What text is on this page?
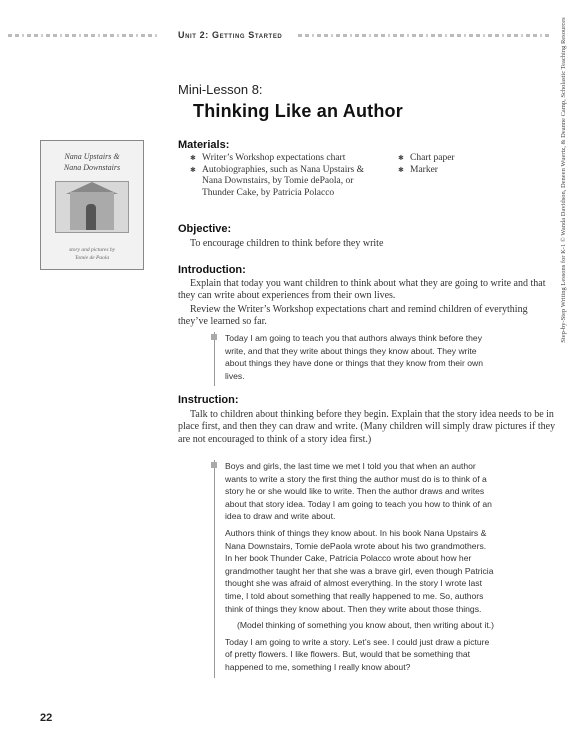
Unit 2: Getting Started
Mini-Lesson 8:
Thinking Like an Author
Nana Upstairs &
Nana Downstairs
story and pictures by
Tomie de Paola
Materials:
✱ Writer’s Workshop expectations chart
✱ Autobiographies, such as Nana Upstairs & Nana Downstairs, by Tomie dePaola, or Thunder Cake, by Patricia Polacco
✱ Chart paper
✱ Marker
Objective:

To encourage children to think before they write

Introduction:

Explain that today you want children to think about what they are going to write and that they can write about experiences from their own lives.

Review the Writer’s Workshop expectations chart and remind children of everything they’ve learned so far.

Today I am going to teach you that authors always think before they write, and that they write about things they know about. They write about things they have done or things that they know from their own lives.

Instruction:

Talk to children about thinking before they begin. Explain that the story idea needs to be in place first, and then they can draw and write. (Many children will simply draw pictures if they are not encouraged to think of a story idea first.)

Boys and girls, the last time we met I told you that when an author wants to write a story the first thing the author must do is to think of a story he or she would like to write. Then the author draws and writes about that story idea. Today I am going to teach you how to think of an idea to draw and write about.

Authors think of things they know about. In his book Nana Upstairs & Nana Downstairs, Tomie dePaola wrote about his two grandmothers. In her book Thunder Cake, Patricia Polacco wrote about how her grandmother taught her that she was a brave girl, even though Patricia thought she was afraid of almost everything. In the story I wrote last time, I told about something that really happened to me. So, authors think of things they know about. Then they write about those things.

(Model thinking of something you know about, then writing about it.)

Today I am going to write a story. Let’s see. I could just draw a picture of pretty flowers. I like flowers. But, would that be something that happened to me, something I really know about?

Step-by-Step Writing Lessons for K-1 © Wanda Davidson, Deneen Wuertz, & Deanne Camp, Scholastic Teaching Resources
22
